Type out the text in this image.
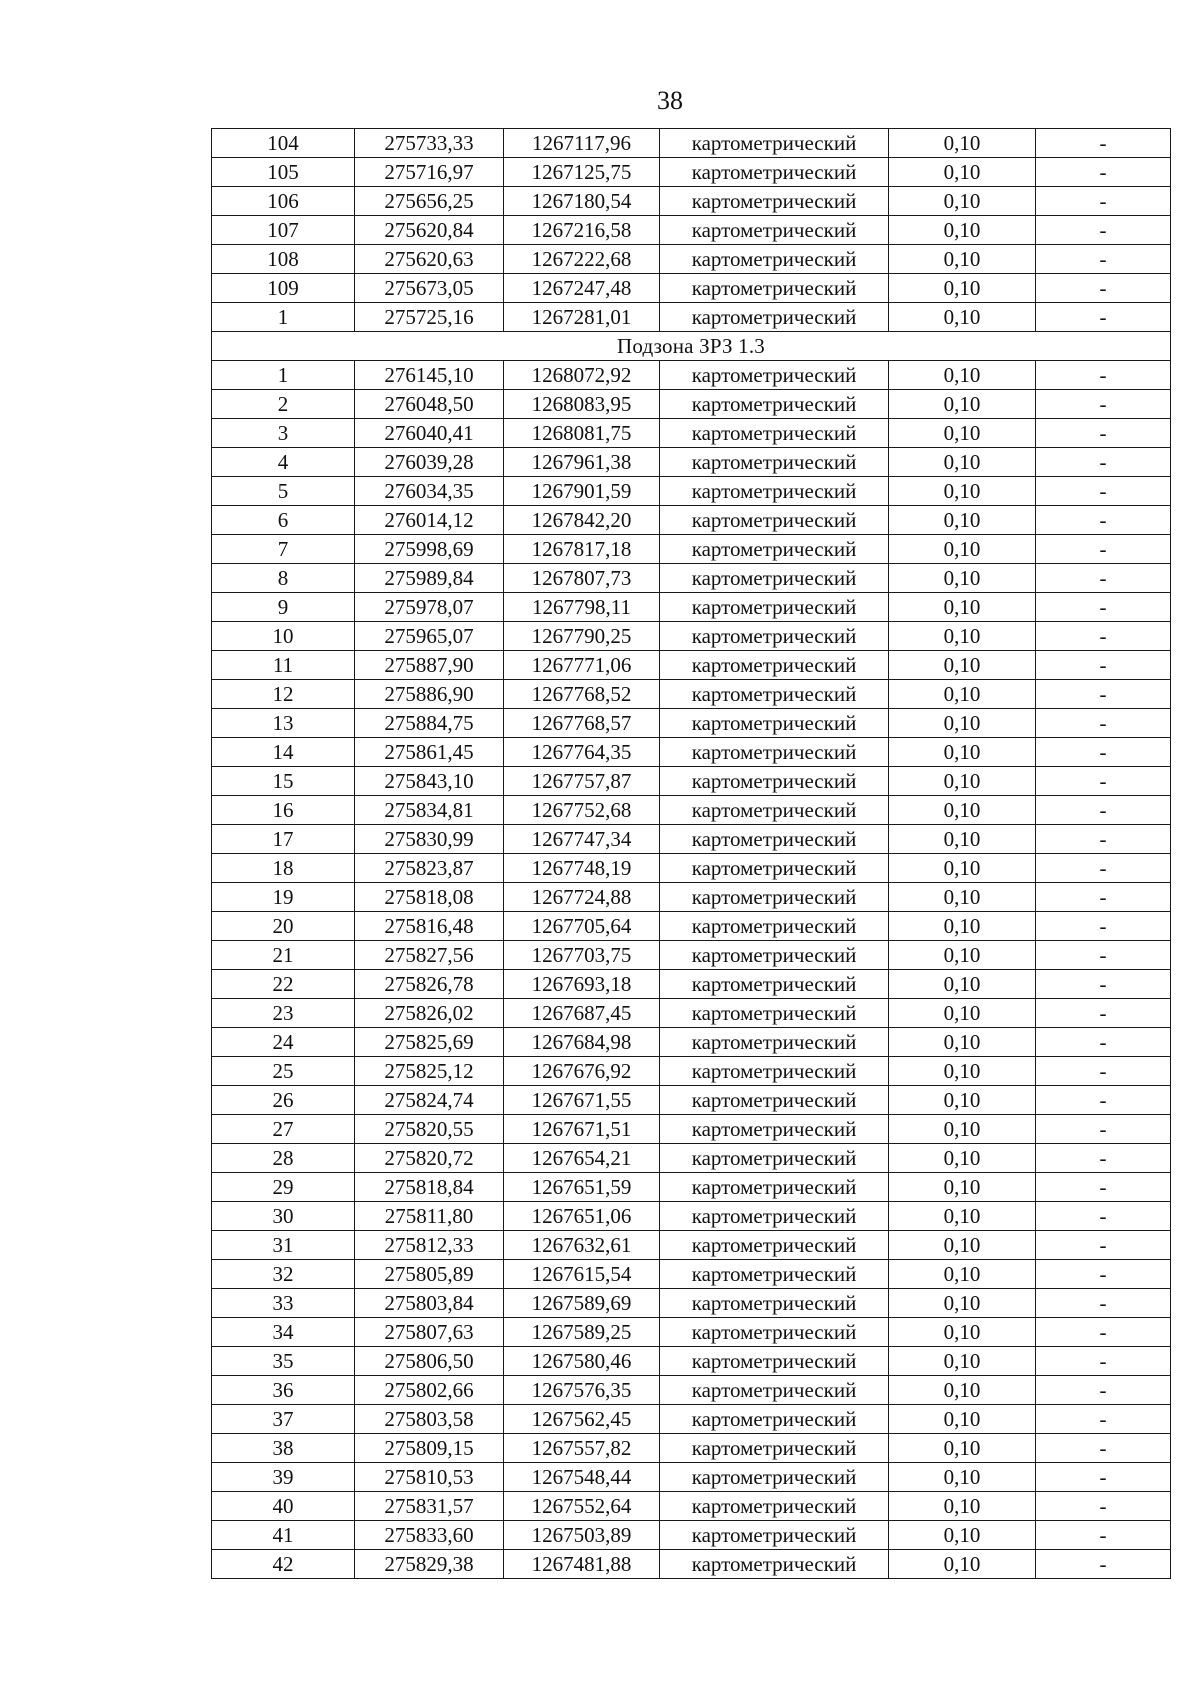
38
104	275733,33	1267117,96	картометрический	0,10	-
105	275716,97	1267125,75	картометрический	0,10	-
106	275656,25	1267180,54	картометрический	0,10	-
107	275620,84	1267216,58	картометрический	0,10	-
108	275620,63	1267222,68	картометрический	0,10	-
109	275673,05	1267247,48	картометрический	0,10	-
1	275725,16	1267281,01	картометрический	0,10	-
Подзона ЗРЗ 1.3					
1	276145,10	1268072,92	картометрический	0,10	-
2	276048,50	1268083,95	картометрический	0,10	-
3	276040,41	1268081,75	картометрический	0,10	-
4	276039,28	1267961,38	картометрический	0,10	-
5	276034,35	1267901,59	картометрический	0,10	-
6	276014,12	1267842,20	картометрический	0,10	-
7	275998,69	1267817,18	картометрический	0,10	-
8	275989,84	1267807,73	картометрический	0,10	-
9	275978,07	1267798,11	картометрический	0,10	-
10	275965,07	1267790,25	картометрический	0,10	-
11	275887,90	1267771,06	картометрический	0,10	-
12	275886,90	1267768,52	картометрический	0,10	-
13	275884,75	1267768,57	картометрический	0,10	-
14	275861,45	1267764,35	картометрический	0,10	-
15	275843,10	1267757,87	картометрический	0,10	-
16	275834,81	1267752,68	картометрический	0,10	-
17	275830,99	1267747,34	картометрический	0,10	-
18	275823,87	1267748,19	картометрический	0,10	-
19	275818,08	1267724,88	картометрический	0,10	-
20	275816,48	1267705,64	картометрический	0,10	-
21	275827,56	1267703,75	картометрический	0,10	-
22	275826,78	1267693,18	картометрический	0,10	-
23	275826,02	1267687,45	картометрический	0,10	-
24	275825,69	1267684,98	картометрический	0,10	-
25	275825,12	1267676,92	картометрический	0,10	-
26	275824,74	1267671,55	картометрический	0,10	-
27	275820,55	1267671,51	картометрический	0,10	-
28	275820,72	1267654,21	картометрический	0,10	-
29	275818,84	1267651,59	картометрический	0,10	-
30	275811,80	1267651,06	картометрический	0,10	-
31	275812,33	1267632,61	картометрический	0,10	-
32	275805,89	1267615,54	картометрический	0,10	-
33	275803,84	1267589,69	картометрический	0,10	-
34	275807,63	1267589,25	картометрический	0,10	-
35	275806,50	1267580,46	картометрический	0,10	-
36	275802,66	1267576,35	картометрический	0,10	-
37	275803,58	1267562,45	картометрический	0,10	-
38	275809,15	1267557,82	картометрический	0,10	-
39	275810,53	1267548,44	картометрический	0,10	-
40	275831,57	1267552,64	картометрический	0,10	-
41	275833,60	1267503,89	картометрический	0,10	-
42	275829,38	1267481,88	картометрический	0,10	-
